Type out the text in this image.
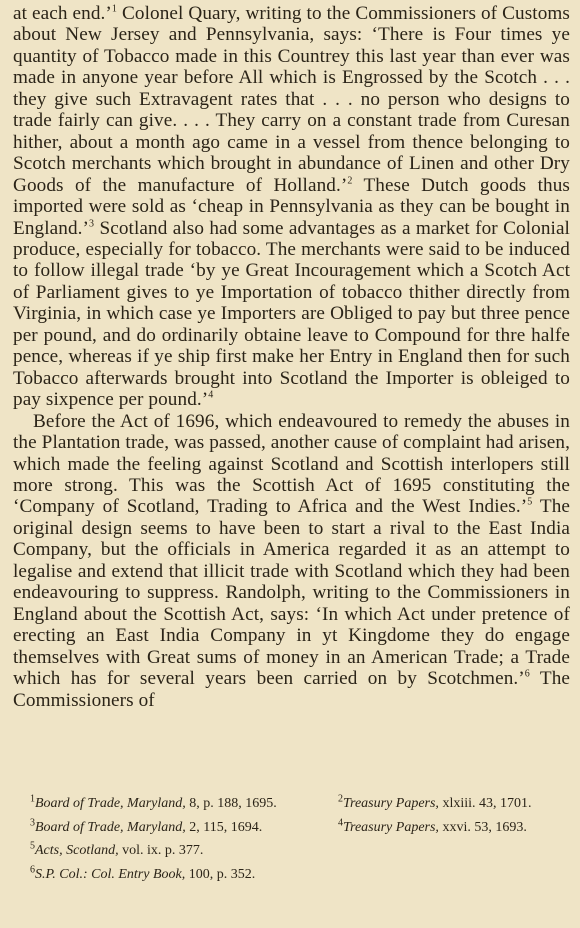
at each end.’$^1$ Colonel Quary, writing to the Commissioners of Customs about New Jersey and Pennsylvania, says: ‘There is Four times ye quantity of Tobacco made in this Countrey this last year than ever was made in anyone year before All which is Engrossed by the Scotch . . . they give such Extravagent rates that . . . no person who designs to trade fairly can give. . . . They carry on a constant trade from Curesan hither, about a month ago came in a vessel from thence belonging to Scotch merchants which brought in abundance of Linen and other Dry Goods of the manufacture of Holland.’$^2$ These Dutch goods thus imported were sold as ‘cheap in Pennsylvania as they can be bought in England.’$^3$ Scotland also had some advantages as a market for Colonial produce, especially for tobacco. The merchants were said to be induced to follow illegal trade ‘by ye Great Incouragement which a Scotch Act of Parliament gives to ye Importation of tobacco thither directly from Virginia, in which case ye Importers are Obliged to pay but three pence per pound, and do ordinarily obtaine leave to Compound for thre halfe pence, whereas if ye ship first make her Entry in England then for such Tobacco afterwards brought into Scotland the Importer is obleiged to pay sixpence per pound.’$^4$

Before the Act of 1696, which endeavoured to remedy the abuses in the Plantation trade, was passed, another cause of complaint had arisen, which made the feeling against Scotland and Scottish interlopers still more strong. This was the Scottish Act of 1695 constituting the ‘Company of Scotland, Trading to Africa and the West Indies.’$^5$ The original design seems to have been to start a rival to the East India Company, but the officials in America regarded it as an attempt to legalise and extend that illicit trade with Scotland which they had been endeavouring to suppress. Randolph, writing to the Commissioners in England about the Scottish Act, says: ‘In which Act under pretence of erecting an East India Company in yt Kingdome they do engage themselves with Great sums of money in an American Trade; a Trade which has for several years been carried on by Scotchmen.’$^6$ The Commissioners of

$^1$Board of Trade, Maryland, 8, p. 188, 1695.	$^2$Treasury Papers, xlxiii. 43, 1701.
$^3$Board of Trade, Maryland, 2, 115, 1694.	$^4$Treasury Papers, xxvi. 53, 1693.
$^5$Acts, Scotland, vol. ix. p. 377.
$^6$S.P. Col.: Col. Entry Book, 100, p. 352.
